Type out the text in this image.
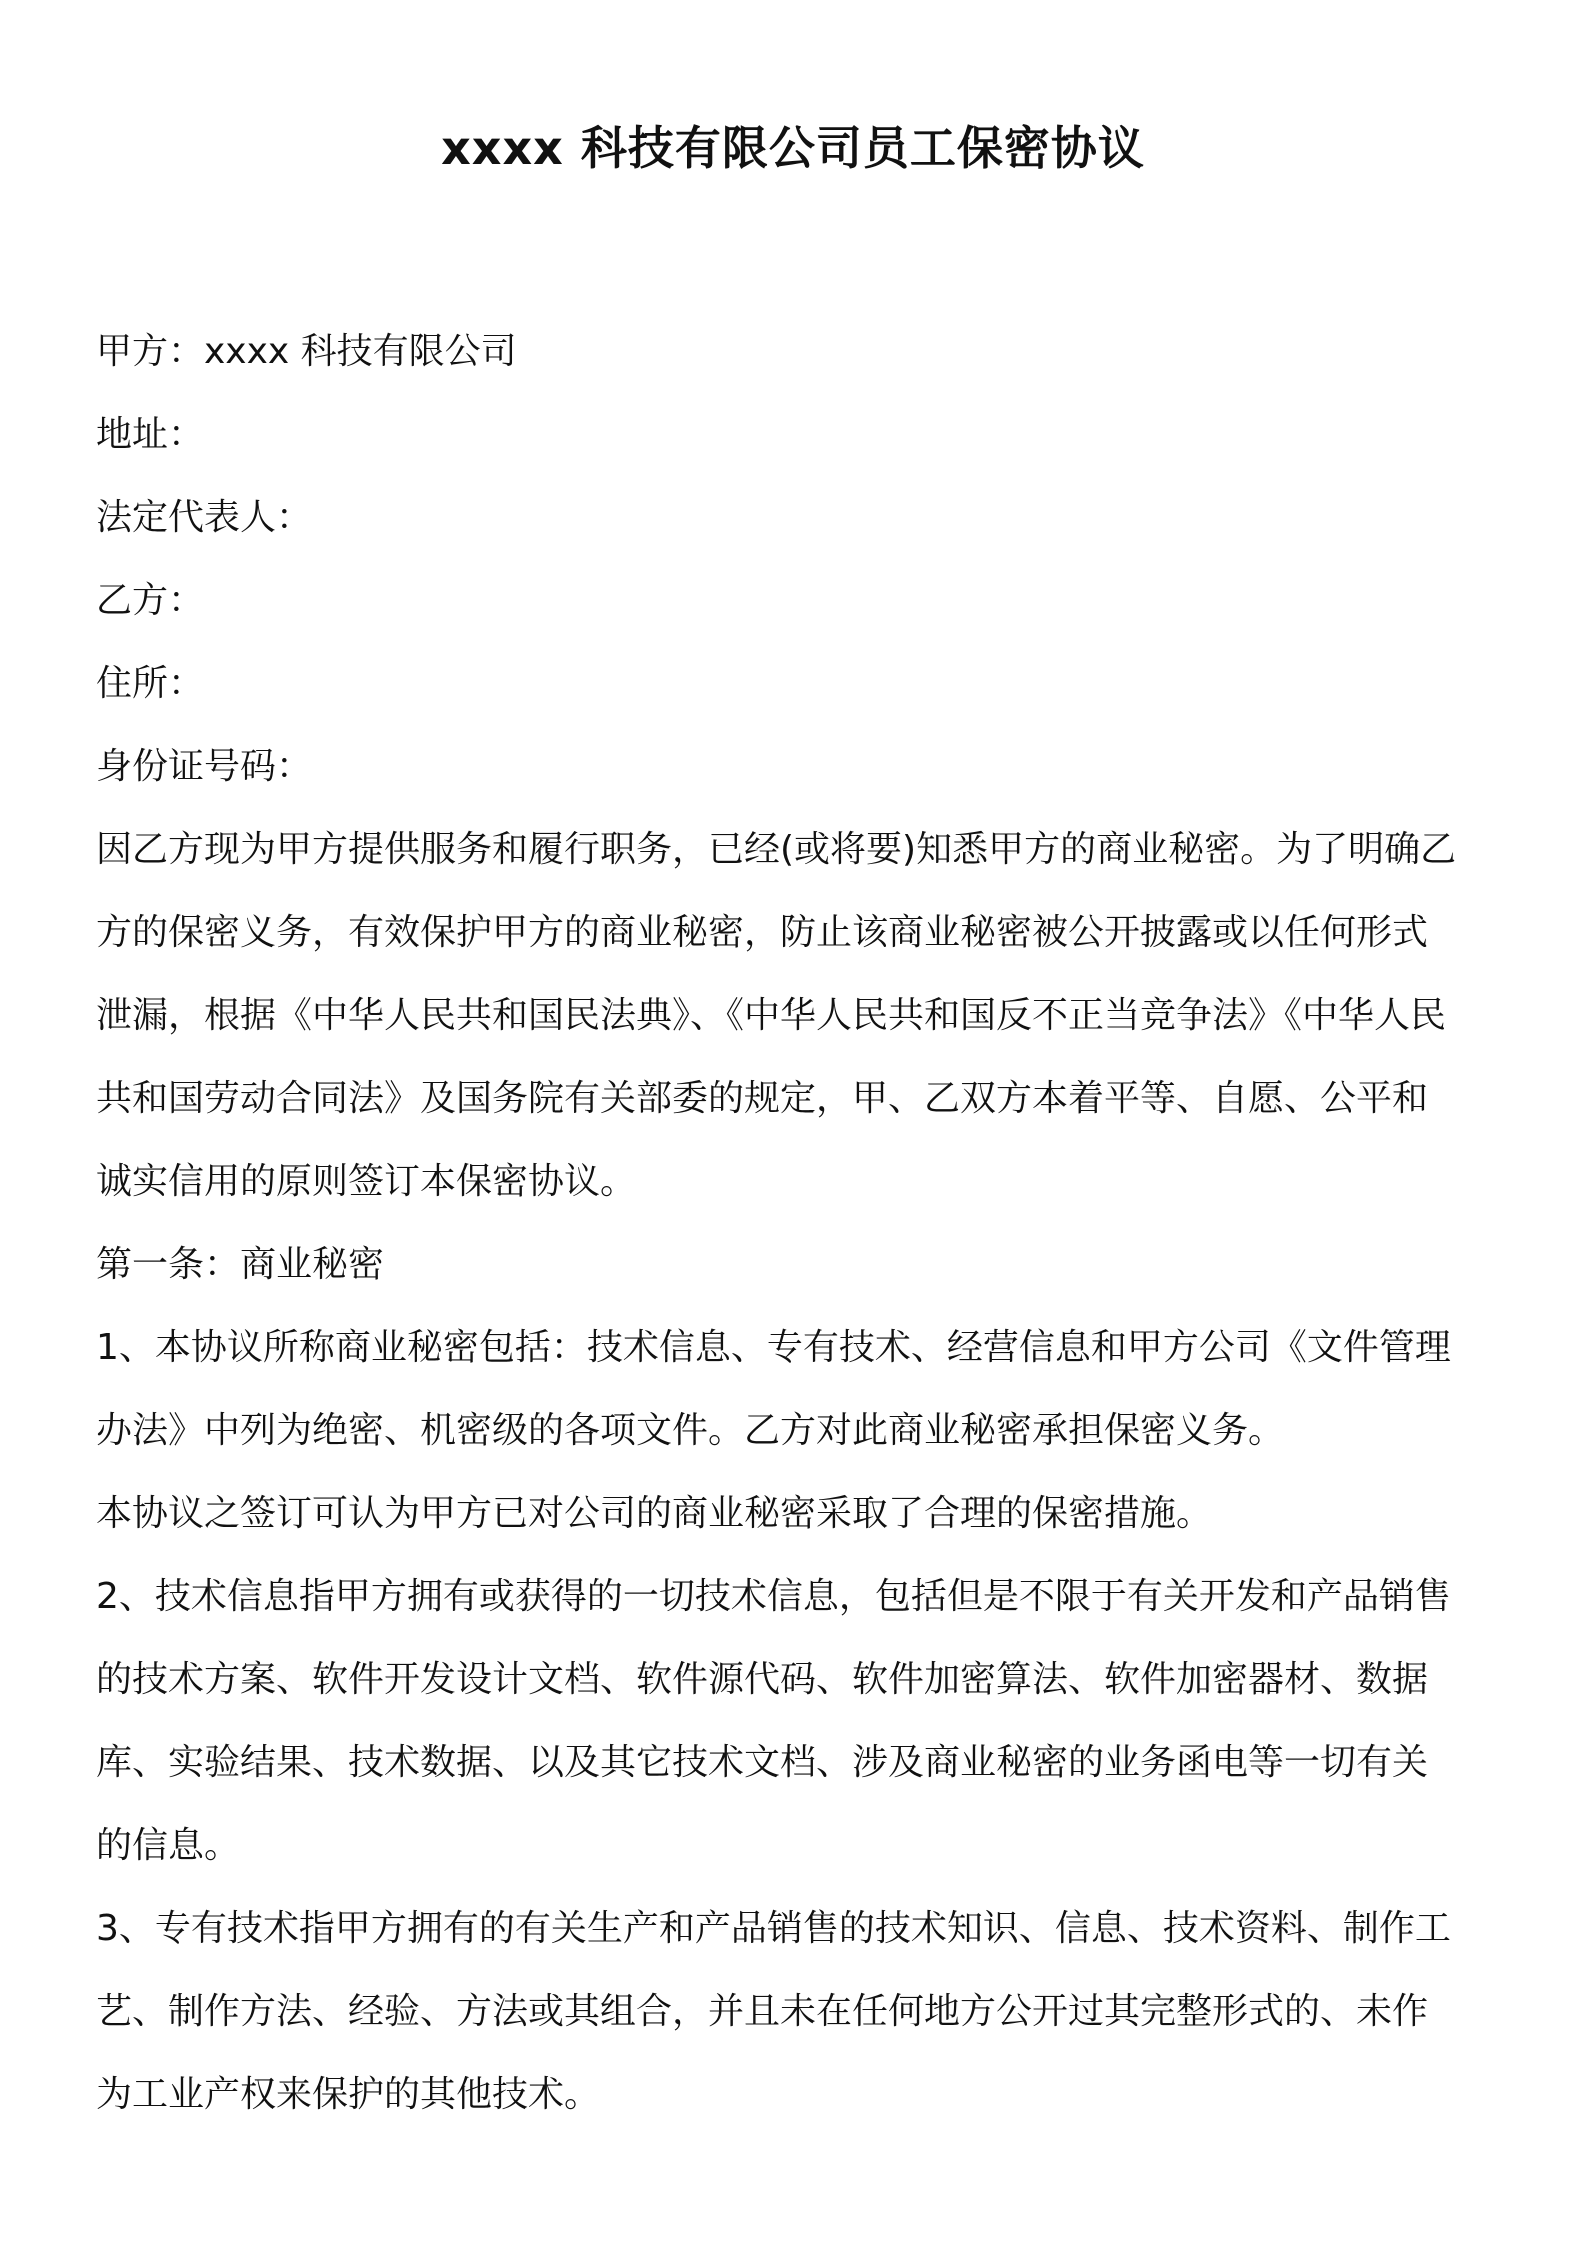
xxxx 科技有限公司员工保密协议
甲方：xxxx 科技有限公司
地址：
法定代表人：
乙方：
住所：
身份证号码：
因乙方现为甲方提供服务和履行职务，已经(或将要)知悉甲方的商业秘密。为了明确乙
方的保密义务，有效保护甲方的商业秘密，防止该商业秘密被公开披露或以任何形式
泄漏，根据《中华人民共和国民法典》、《中华人民共和国反不正当竞争法》《中华人民
共和国劳动合同法》及国务院有关部委的规定，甲、乙双方本着平等、自愿、公平和
诚实信用的原则签订本保密协议。
第一条：商业秘密
1、本协议所称商业秘密包括：技术信息、专有技术、经营信息和甲方公司《文件管理
办法》中列为绝密、机密级的各项文件。乙方对此商业秘密承担保密义务。
本协议之签订可认为甲方已对公司的商业秘密采取了合理的保密措施。
2、技术信息指甲方拥有或获得的一切技术信息，包括但是不限于有关开发和产品销售
的技术方案、软件开发设计文档、软件源代码、软件加密算法、软件加密器材、数据
库、实验结果、技术数据、以及其它技术文档、涉及商业秘密的业务函电等一切有关
的信息。
3、专有技术指甲方拥有的有关生产和产品销售的技术知识、信息、技术资料、制作工
艺、制作方法、经验、方法或其组合，并且未在任何地方公开过其完整形式的、未作
为工业产权来保护的其他技术。
